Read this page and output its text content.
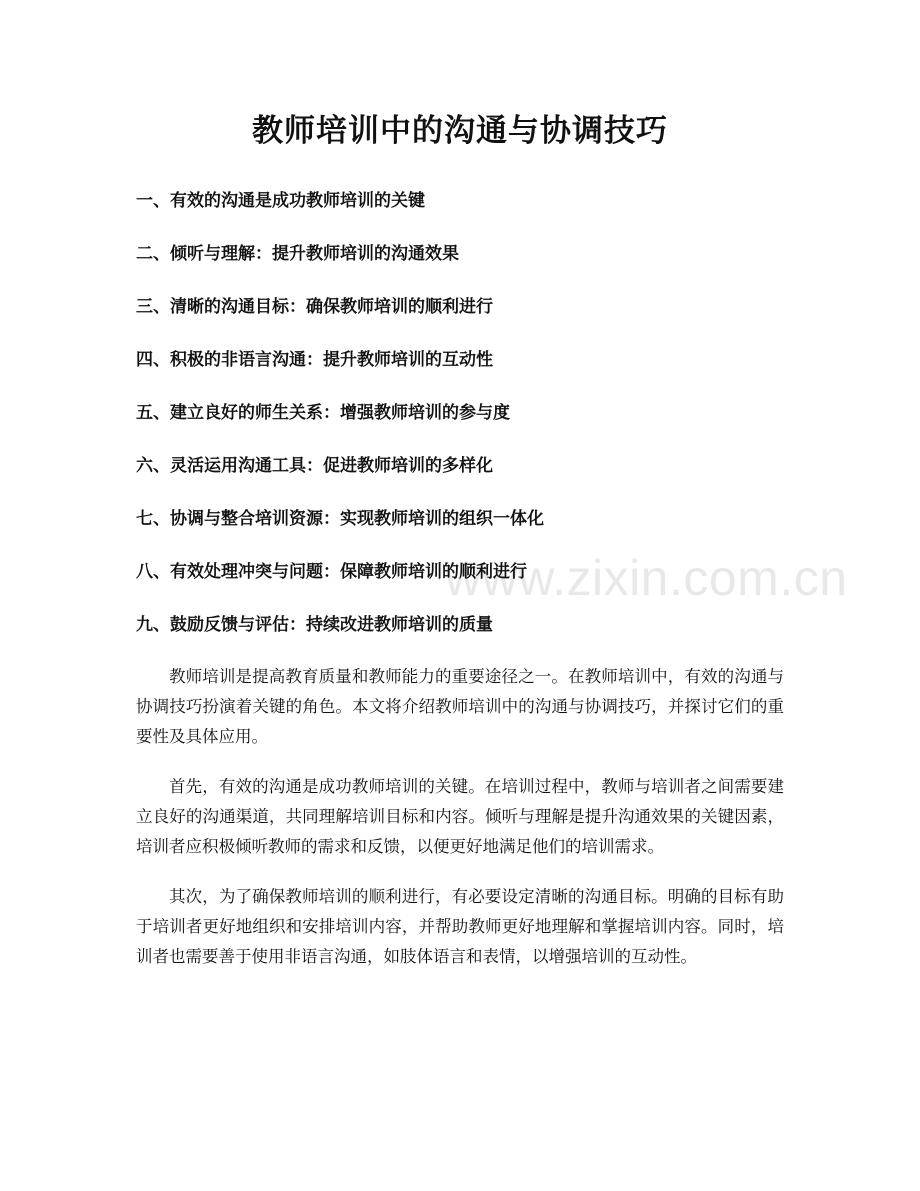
教师培训中的沟通与协调技巧
一、有效的沟通是成功教师培训的关键
二、倾听与理解：提升教师培训的沟通效果
三、清晰的沟通目标：确保教师培训的顺利进行
四、积极的非语言沟通：提升教师培训的互动性
五、建立良好的师生关系：增强教师培训的参与度
六、灵活运用沟通工具：促进教师培训的多样化
七、协调与整合培训资源：实现教师培训的组织一体化
八、有效处理冲突与问题：保障教师培训的顺利进行
九、鼓励反馈与评估：持续改进教师培训的质量

教师培训是提高教育质量和教师能力的重要途径之一。在教师培训中，有效的沟通与协调技巧扮演着关键的角色。本文将介绍教师培训中的沟通与协调技巧，并探讨它们的重要性及具体应用。

首先，有效的沟通是成功教师培训的关键。在培训过程中，教师与培训者之间需要建立良好的沟通渠道，共同理解培训目标和内容。倾听与理解是提升沟通效果的关键因素，培训者应积极倾听教师的需求和反馈，以便更好地满足他们的培训需求。

其次，为了确保教师培训的顺利进行，有必要设定清晰的沟通目标。明确的目标有助于培训者更好地组织和安排培训内容，并帮助教师更好地理解和掌握培训内容。同时，培训者也需要善于使用非语言沟通，如肢体语言和表情，以增强培训的互动性。

www.zixin.com.cn
